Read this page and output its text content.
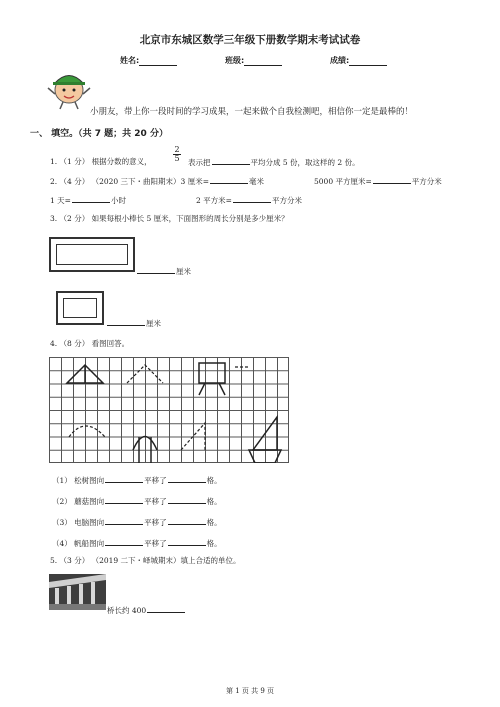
北京市东城区数学三年级下册数学期末考试试卷
姓名:	班级:	成绩:
小朋友，带上你一段时间的学习成果，一起来做个自我检测吧，相信你一定是最棒的！
一、 填空。（共 7 题；共 20 分）
1. （1 分） 根据分数的意义，
2
5	表示把	平均分成 5 份，取这样的 2 份。
2. （4 分） （2020 三下・曲阳期末）3 厘米=	毫米	5000 平方厘米=	平方分米
1 天=	小时	2 平方米=	平方分米
3. （2 分） 如果每根小棒长 5 厘米，下面图形的周长分别是多少厘米？
厘米
厘米
4. （8 分） 看图回答。
（1） 松树图向	平移了	格。
（2） 蘑菇图向	平移了	格。
（3） 电脑图向	平移了	格。
（4） 帆船图向	平移了	格。
5. （3 分） （2019 二下・峄城期末）填上合适的单位。
桥长约 400
第 1 页 共 9 页
